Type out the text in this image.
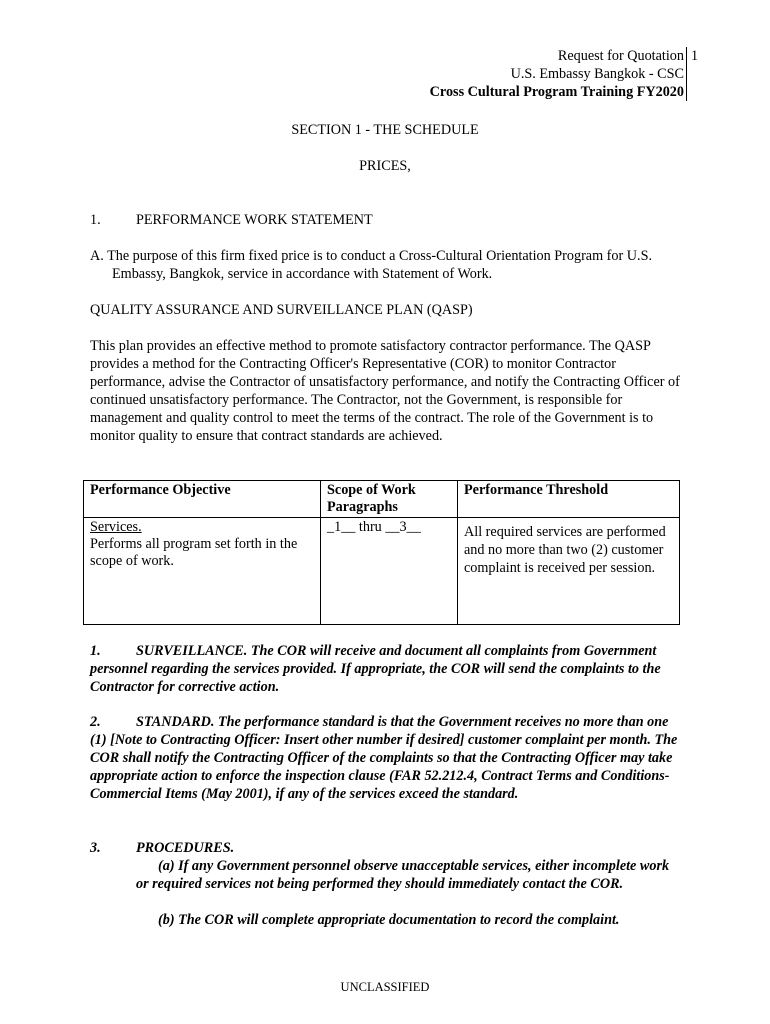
Request for Quotation
U.S. Embassy Bangkok - CSC
Cross Cultural Program Training FY2020
1
SECTION 1 - THE SCHEDULE
PRICES,
1. PERFORMANCE WORK STATEMENT
A. The purpose of this firm fixed price is to conduct a Cross-Cultural Orientation Program for U.S. Embassy, Bangkok, service in accordance with Statement of Work.
QUALITY ASSURANCE AND SURVEILLANCE PLAN (QASP)
This plan provides an effective method to promote satisfactory contractor performance. The QASP provides a method for the Contracting Officer's Representative (COR) to monitor Contractor performance, advise the Contractor of unsatisfactory performance, and notify the Contracting Officer of continued unsatisfactory performance. The Contractor, not the Government, is responsible for management and quality control to meet the terms of the contract. The role of the Government is to monitor quality to ensure that contract standards are achieved.
Performance Objective	Scope of Work Paragraphs	Performance Threshold

Services.
Performs all program set forth in the scope of work.	_1__ thru __3__	All required services are performed and no more than two (2) customer complaint is received per session.
1. SURVEILLANCE. The COR will receive and document all complaints from Government personnel regarding the services provided. If appropriate, the COR will send the complaints to the Contractor for corrective action.
2. STANDARD. The performance standard is that the Government receives no more than one (1) [Note to Contracting Officer: Insert other number if desired] customer complaint per month. The COR shall notify the Contracting Officer of the complaints so that the Contracting Officer may take appropriate action to enforce the inspection clause (FAR 52.212.4, Contract Terms and Conditions-Commercial Items (May 2001), if any of the services exceed the standard.
3. PROCEDURES.
(a) If any Government personnel observe unacceptable services, either incomplete work or required services not being performed they should immediately contact the COR.
(b) The COR will complete appropriate documentation to record the complaint.
UNCLASSIFIED
